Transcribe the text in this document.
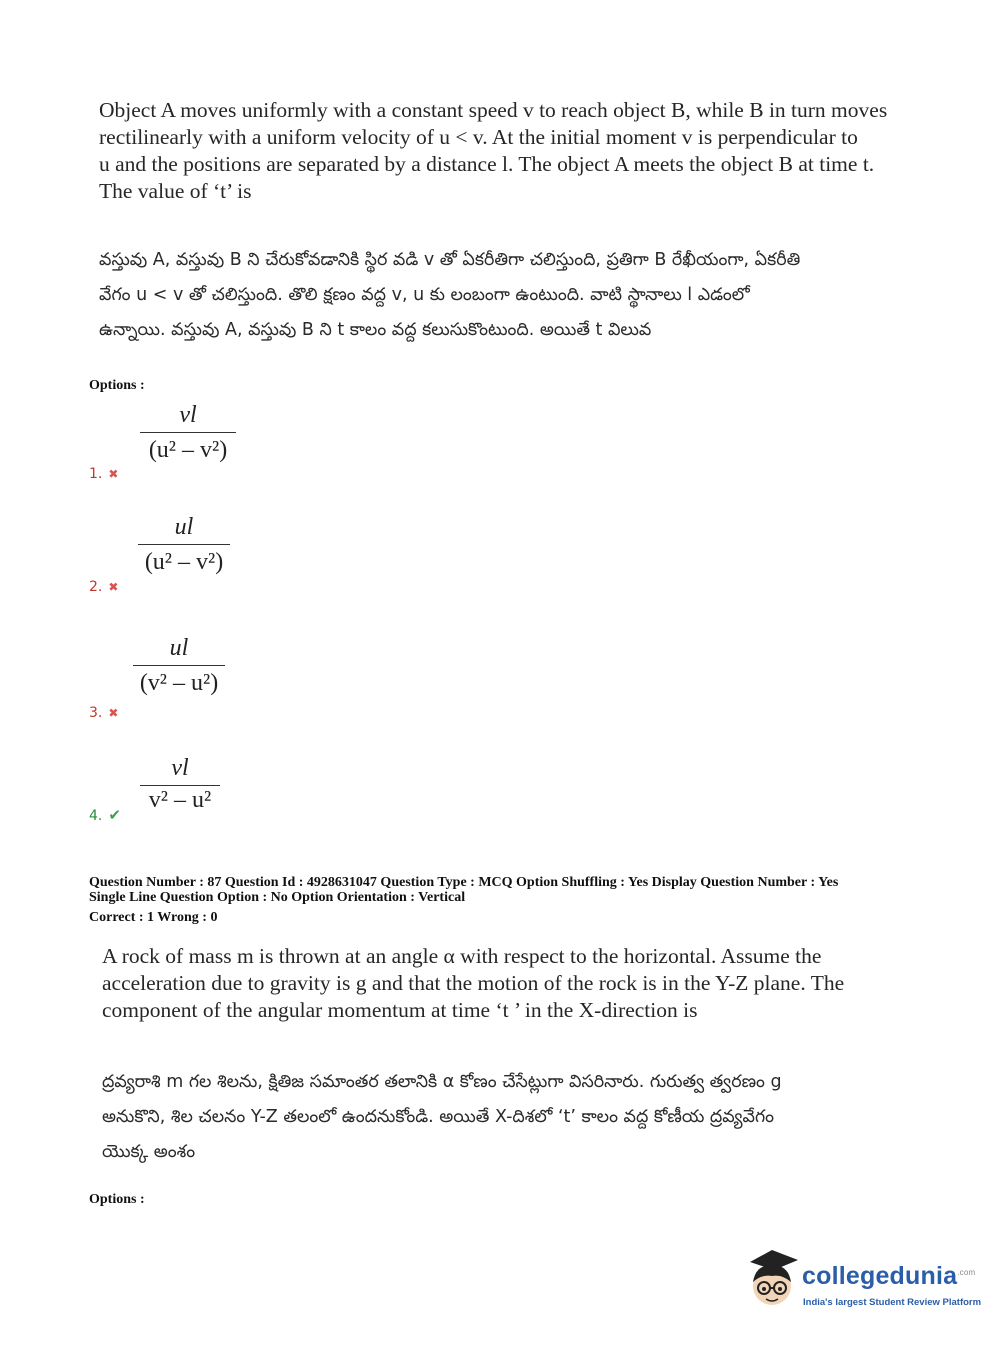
Object A moves uniformly with a constant speed v to reach object B, while B in turn moves

rectilinearly with a uniform velocity of u < v. At the initial moment v is perpendicular to

u and the positions are separated by a distance l. The object A meets the object B at time t.

The value of ‘t’ is

వస్తువు A, వస్తువు B ని చేరుకోవడానికి స్థిర వడి v తో ఏకరీతిగా చలిస్తుంది, ప్రతిగా B రేఖీయంగా, ఏకరీతి

వేగం u < v తో చలిస్తుంది. తొలి క్షణం వద్ద v, u కు లంబంగా ఉంటుంది. వాటి స్థానాలు l ఎడంలో

ఉన్నాయి. వస్తువు A, వస్తువు B ని t కాలం వద్ద కలుసుకొంటుంది. అయితే t విలువ

Options :
vl
(u² – v²)
1. ✖
ul
(u² – v²)
2. ✖
ul
(v² – u²)
3. ✖
vl
v² – u²
4. ✔
Question Number : 87 Question Id : 4928631047 Question Type : MCQ Option Shuffling : Yes Display Question Number : Yes
Single Line Question Option : No Option Orientation : Vertical
Correct : 1 Wrong : 0

A rock of mass m is thrown at an angle α with respect to the horizontal. Assume the

acceleration due to gravity is g and that the motion of the rock is in the Y-Z plane. The

component of the angular momentum at time ‘t ’ in the X-direction is

ద్రవ్యరాశి m గల శిలను, క్షితిజ సమాంతర తలానికి α కోణం చేసేట్లుగా విసరినారు. గురుత్వ త్వరణం g

అనుకొని, శిల చలనం Y-Z తలంలో ఉందనుకోండి. అయితే X-దిశలో ‘t’ కాలం వద్ద కోణీయ ద్రవ్యవేగం

యొక్క అంశం

Options :
collegedunia$^{.com}$
India's largest Student Review Platform
